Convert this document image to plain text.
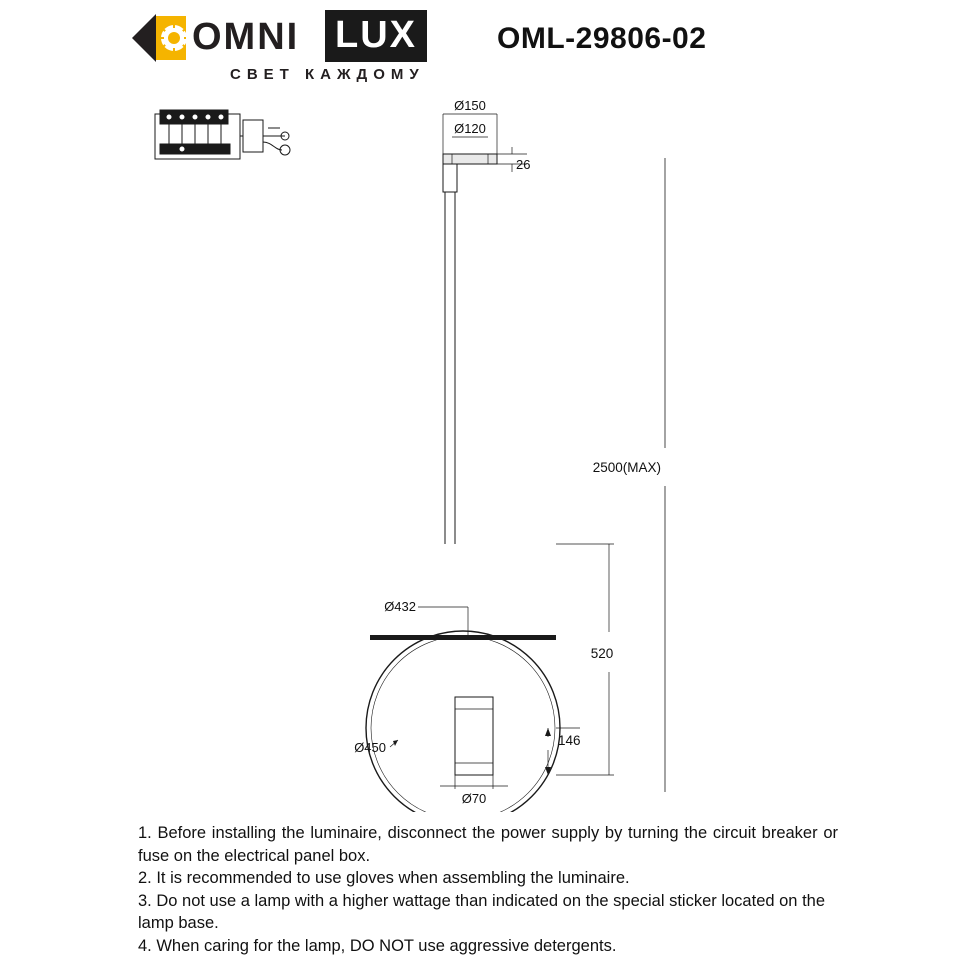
OMNI LUX
СВЕТ КАЖДОМУ
OML-29806-02
Ø150
Ø120
26
2500(MAX)
Ø432
Ø450
Ø70
520
146

1. Before installing the luminaire, disconnect the power supply by turning the circuit breaker or fuse on the electrical panel box.

2. It is recommended to use gloves when assembling the luminaire.

3. Do not use a lamp with a higher wattage than indicated on the special sticker located on the lamp base.

4. When caring for the lamp, DO NOT use aggressive detergents.
